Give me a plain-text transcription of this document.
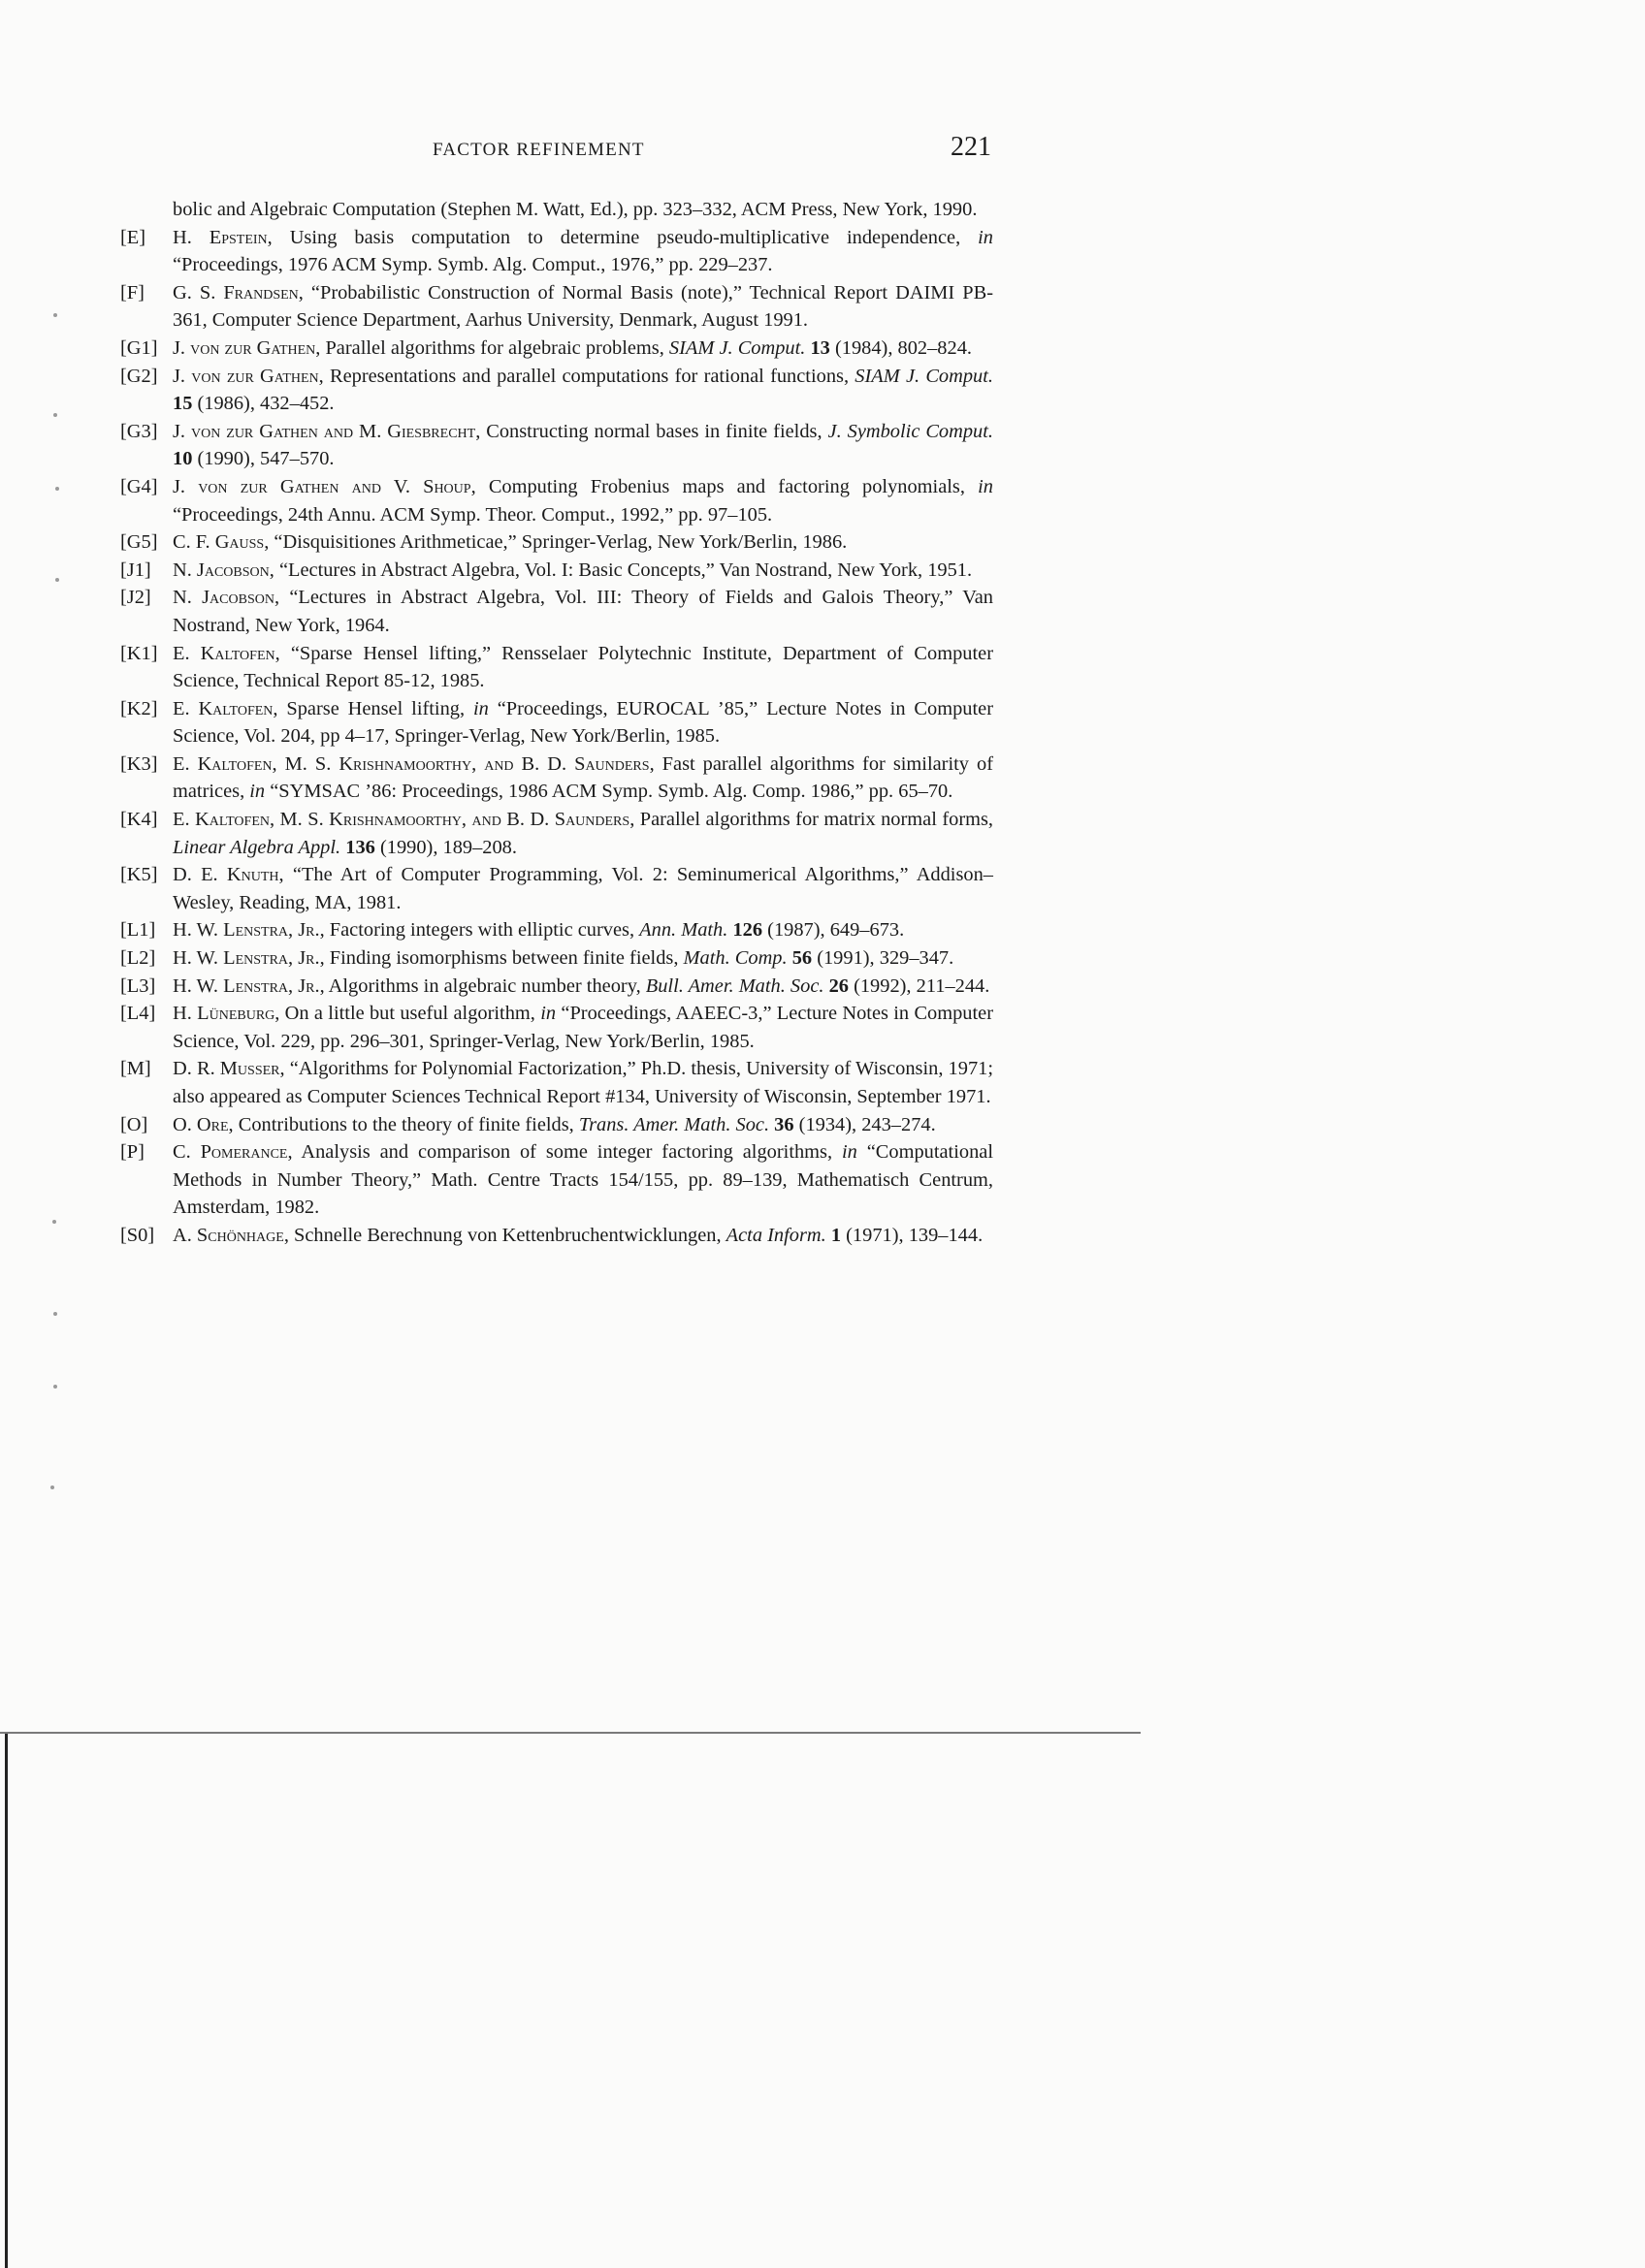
FACTOR REFINEMENT	221
bolic and Algebraic Computation (Stephen M. Watt, Ed.), pp. 323–332, ACM Press, New York, 1990.
[E] H. Epstein, Using basis computation to determine pseudo-multiplicative independence, in “Proceedings, 1976 ACM Symp. Symb. Alg. Comput., 1976,” pp. 229–237.
[F] G. S. Frandsen, “Probabilistic Construction of Normal Basis (note),” Technical Report DAIMI PB-361, Computer Science Department, Aarhus University, Denmark, August 1991.
[G1] J. von zur Gathen, Parallel algorithms for algebraic problems, SIAM J. Comput. 13 (1984), 802–824.
[G2] J. von zur Gathen, Representations and parallel computations for rational functions, SIAM J. Comput. 15 (1986), 432–452.
[G3] J. von zur Gathen and M. Giesbrecht, Constructing normal bases in finite fields, J. Symbolic Comput. 10 (1990), 547–570.
[G4] J. von zur Gathen and V. Shoup, Computing Frobenius maps and factoring polynomials, in “Proceedings, 24th Annu. ACM Symp. Theor. Comput., 1992,” pp. 97–105.
[G5] C. F. Gauss, “Disquisitiones Arithmeticae,” Springer-Verlag, New York/Berlin, 1986.
[J1] N. Jacobson, “Lectures in Abstract Algebra, Vol. I: Basic Concepts,” Van Nostrand, New York, 1951.
[J2] N. Jacobson, “Lectures in Abstract Algebra, Vol. III: Theory of Fields and Galois Theory,” Van Nostrand, New York, 1964.
[K1] E. Kaltofen, “Sparse Hensel lifting,” Rensselaer Polytechnic Institute, Department of Computer Science, Technical Report 85-12, 1985.
[K2] E. Kaltofen, Sparse Hensel lifting, in “Proceedings, EUROCAL ’85,” Lecture Notes in Computer Science, Vol. 204, pp 4–17, Springer-Verlag, New York/Berlin, 1985.
[K3] E. Kaltofen, M. S. Krishnamoorthy, and B. D. Saunders, Fast parallel algorithms for similarity of matrices, in “SYMSAC ’86: Proceedings, 1986 ACM Symp. Symb. Alg. Comp. 1986,” pp. 65–70.
[K4] E. Kaltofen, M. S. Krishnamoorthy, and B. D. Saunders, Parallel algorithms for matrix normal forms, Linear Algebra Appl. 136 (1990), 189–208.
[K5] D. E. Knuth, “The Art of Computer Programming, Vol. 2: Seminumerical Algorithms,” Addison–Wesley, Reading, MA, 1981.
[L1] H. W. Lenstra, Jr., Factoring integers with elliptic curves, Ann. Math. 126 (1987), 649–673.
[L2] H. W. Lenstra, Jr., Finding isomorphisms between finite fields, Math. Comp. 56 (1991), 329–347.
[L3] H. W. Lenstra, Jr., Algorithms in algebraic number theory, Bull. Amer. Math. Soc. 26 (1992), 211–244.
[L4] H. Lüneburg, On a little but useful algorithm, in “Proceedings, AAEEC-3,” Lecture Notes in Computer Science, Vol. 229, pp. 296–301, Springer-Verlag, New York/Berlin, 1985.
[M] D. R. Musser, “Algorithms for Polynomial Factorization,” Ph.D. thesis, University of Wisconsin, 1971; also appeared as Computer Sciences Technical Report #134, University of Wisconsin, September 1971.
[O] O. Ore, Contributions to the theory of finite fields, Trans. Amer. Math. Soc. 36 (1934), 243–274.
[P] C. Pomerance, Analysis and comparison of some integer factoring algorithms, in “Computational Methods in Number Theory,” Math. Centre Tracts 154/155, pp. 89–139, Mathematisch Centrum, Amsterdam, 1982.
[S0] A. Schönhage, Schnelle Berechnung von Kettenbruchentwicklungen, Acta Inform. 1 (1971), 139–144.
